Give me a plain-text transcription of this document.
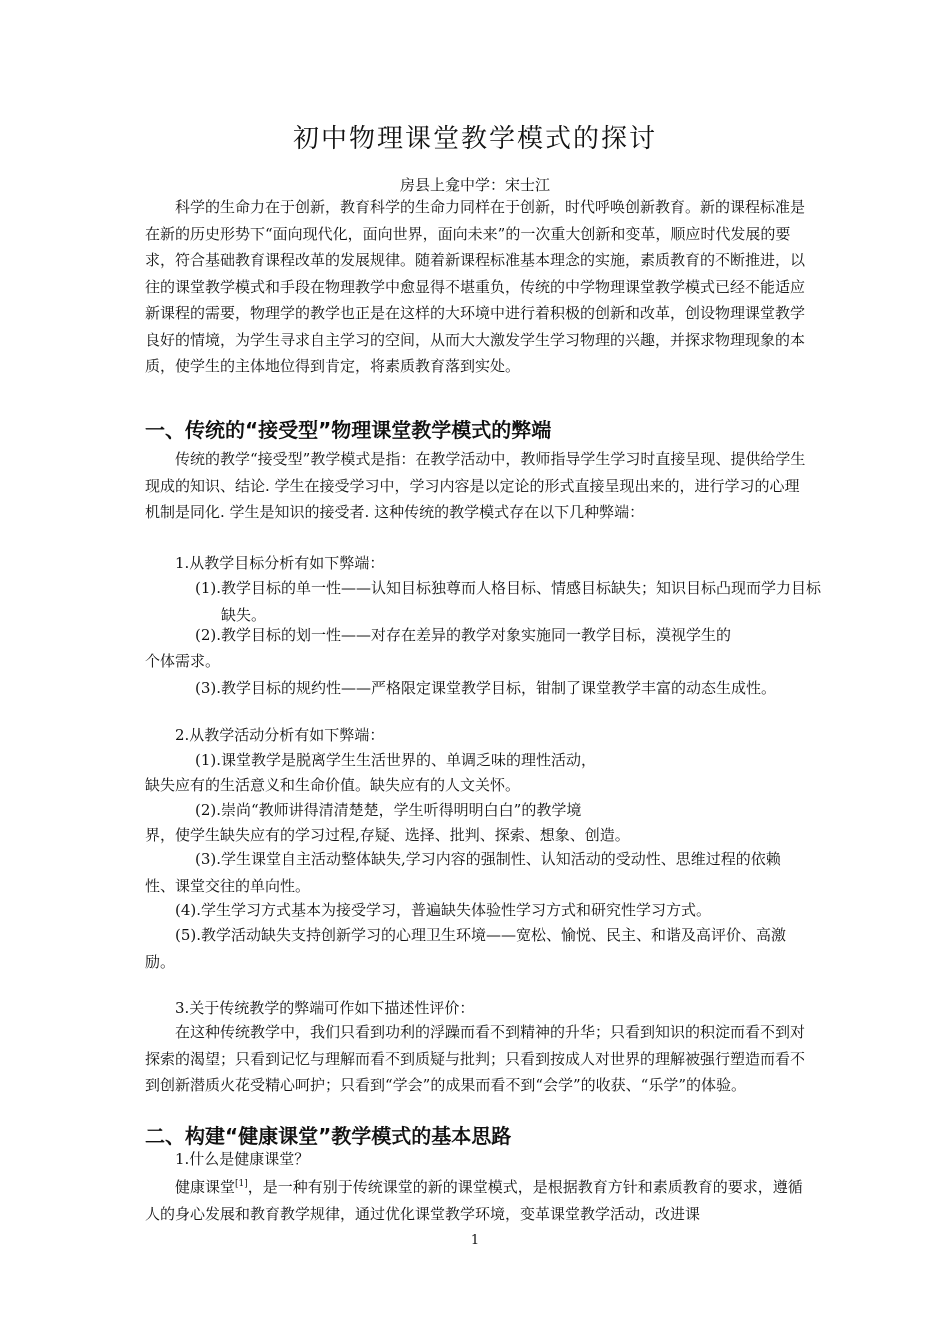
初中物理课堂教学模式的探讨
房县上龛中学：宋士江
科学的生命力在于创新，教育科学的生命力同样在于创新，时代呼唤创新教育。新的课程标准是在新的历史形势下“面向现代化，面向世界，面向未来”的一次重大创新和变革，顺应时代发展的要求，符合基础教育课程改革的发展规律。随着新课程标准基本理念的实施，素质教育的不断推进，以往的课堂教学模式和手段在物理教学中愈显得不堪重负，传统的中学物理课堂教学模式已经不能适应新课程的需要，物理学的教学也正是在这样的大环境中进行着积极的创新和改革，创设物理课堂教学良好的情境，为学生寻求自主学习的空间，从而大大激发学生学习物理的兴趣，并探求物理现象的本质，使学生的主体地位得到肯定，将素质教育落到实处。
一、传统的“接受型”物理课堂教学模式的弊端
传统的教学“接受型”教学模式是指：在教学活动中，教师指导学生学习时直接呈现、提供给学生现成的知识、结论. 学生在接受学习中，学习内容是以定论的形式直接呈现出来的，进行学习的心理机制是同化. 学生是知识的接受者. 这种传统的教学模式存在以下几种弊端：
1.从教学目标分析有如下弊端：
(1).教学目标的单一性——认知目标独尊而人格目标、情感目标缺失；知识目标凸现而学力目标缺失。
(2).教学目标的划一性——对存在差异的教学对象实施同一教学目标，漠视学生的
个体需求。
(3).教学目标的规约性——严格限定课堂教学目标，钳制了课堂教学丰富的动态生成性。
2.从教学活动分析有如下弊端：
(1).课堂教学是脱离学生生活世界的、单调乏味的理性活动，
缺失应有的生活意义和生命价值。缺失应有的人文关怀。
(2).崇尚“教师讲得清清楚楚，学生听得明明白白”的教学境
界，使学生缺失应有的学习过程,存疑、选择、批判、探索、想象、创造。
(3).学生课堂自主活动整体缺失,学习内容的强制性、认知活动的受动性、思维过程的依赖性、课堂交往的单向性。
(4).学生学习方式基本为接受学习，普遍缺失体验性学习方式和研究性学习方式。
(5).教学活动缺失支持创新学习的心理卫生环境——宽松、愉悦、民主、和谐及高评价、高激励。
3.关于传统教学的弊端可作如下描述性评价：
在这种传统教学中，我们只看到功利的浮躁而看不到精神的升华；只看到知识的积淀而看不到对探索的渴望；只看到记忆与理解而看不到质疑与批判；只看到按成人对世界的理解被强行塑造而看不到创新潜质火花受精心呵护；只看到“学会”的成果而看不到“会学”的收获、“乐学”的体验。
二、构建“健康课堂”教学模式的基本思路
1.什么是健康课堂？
健康课堂[1]，是一种有别于传统课堂的新的课堂模式，是根据教育方针和素质教育的要求，遵循人的身心发展和教育教学规律，通过优化课堂教学环境，变革课堂教学活动，改进课
1
